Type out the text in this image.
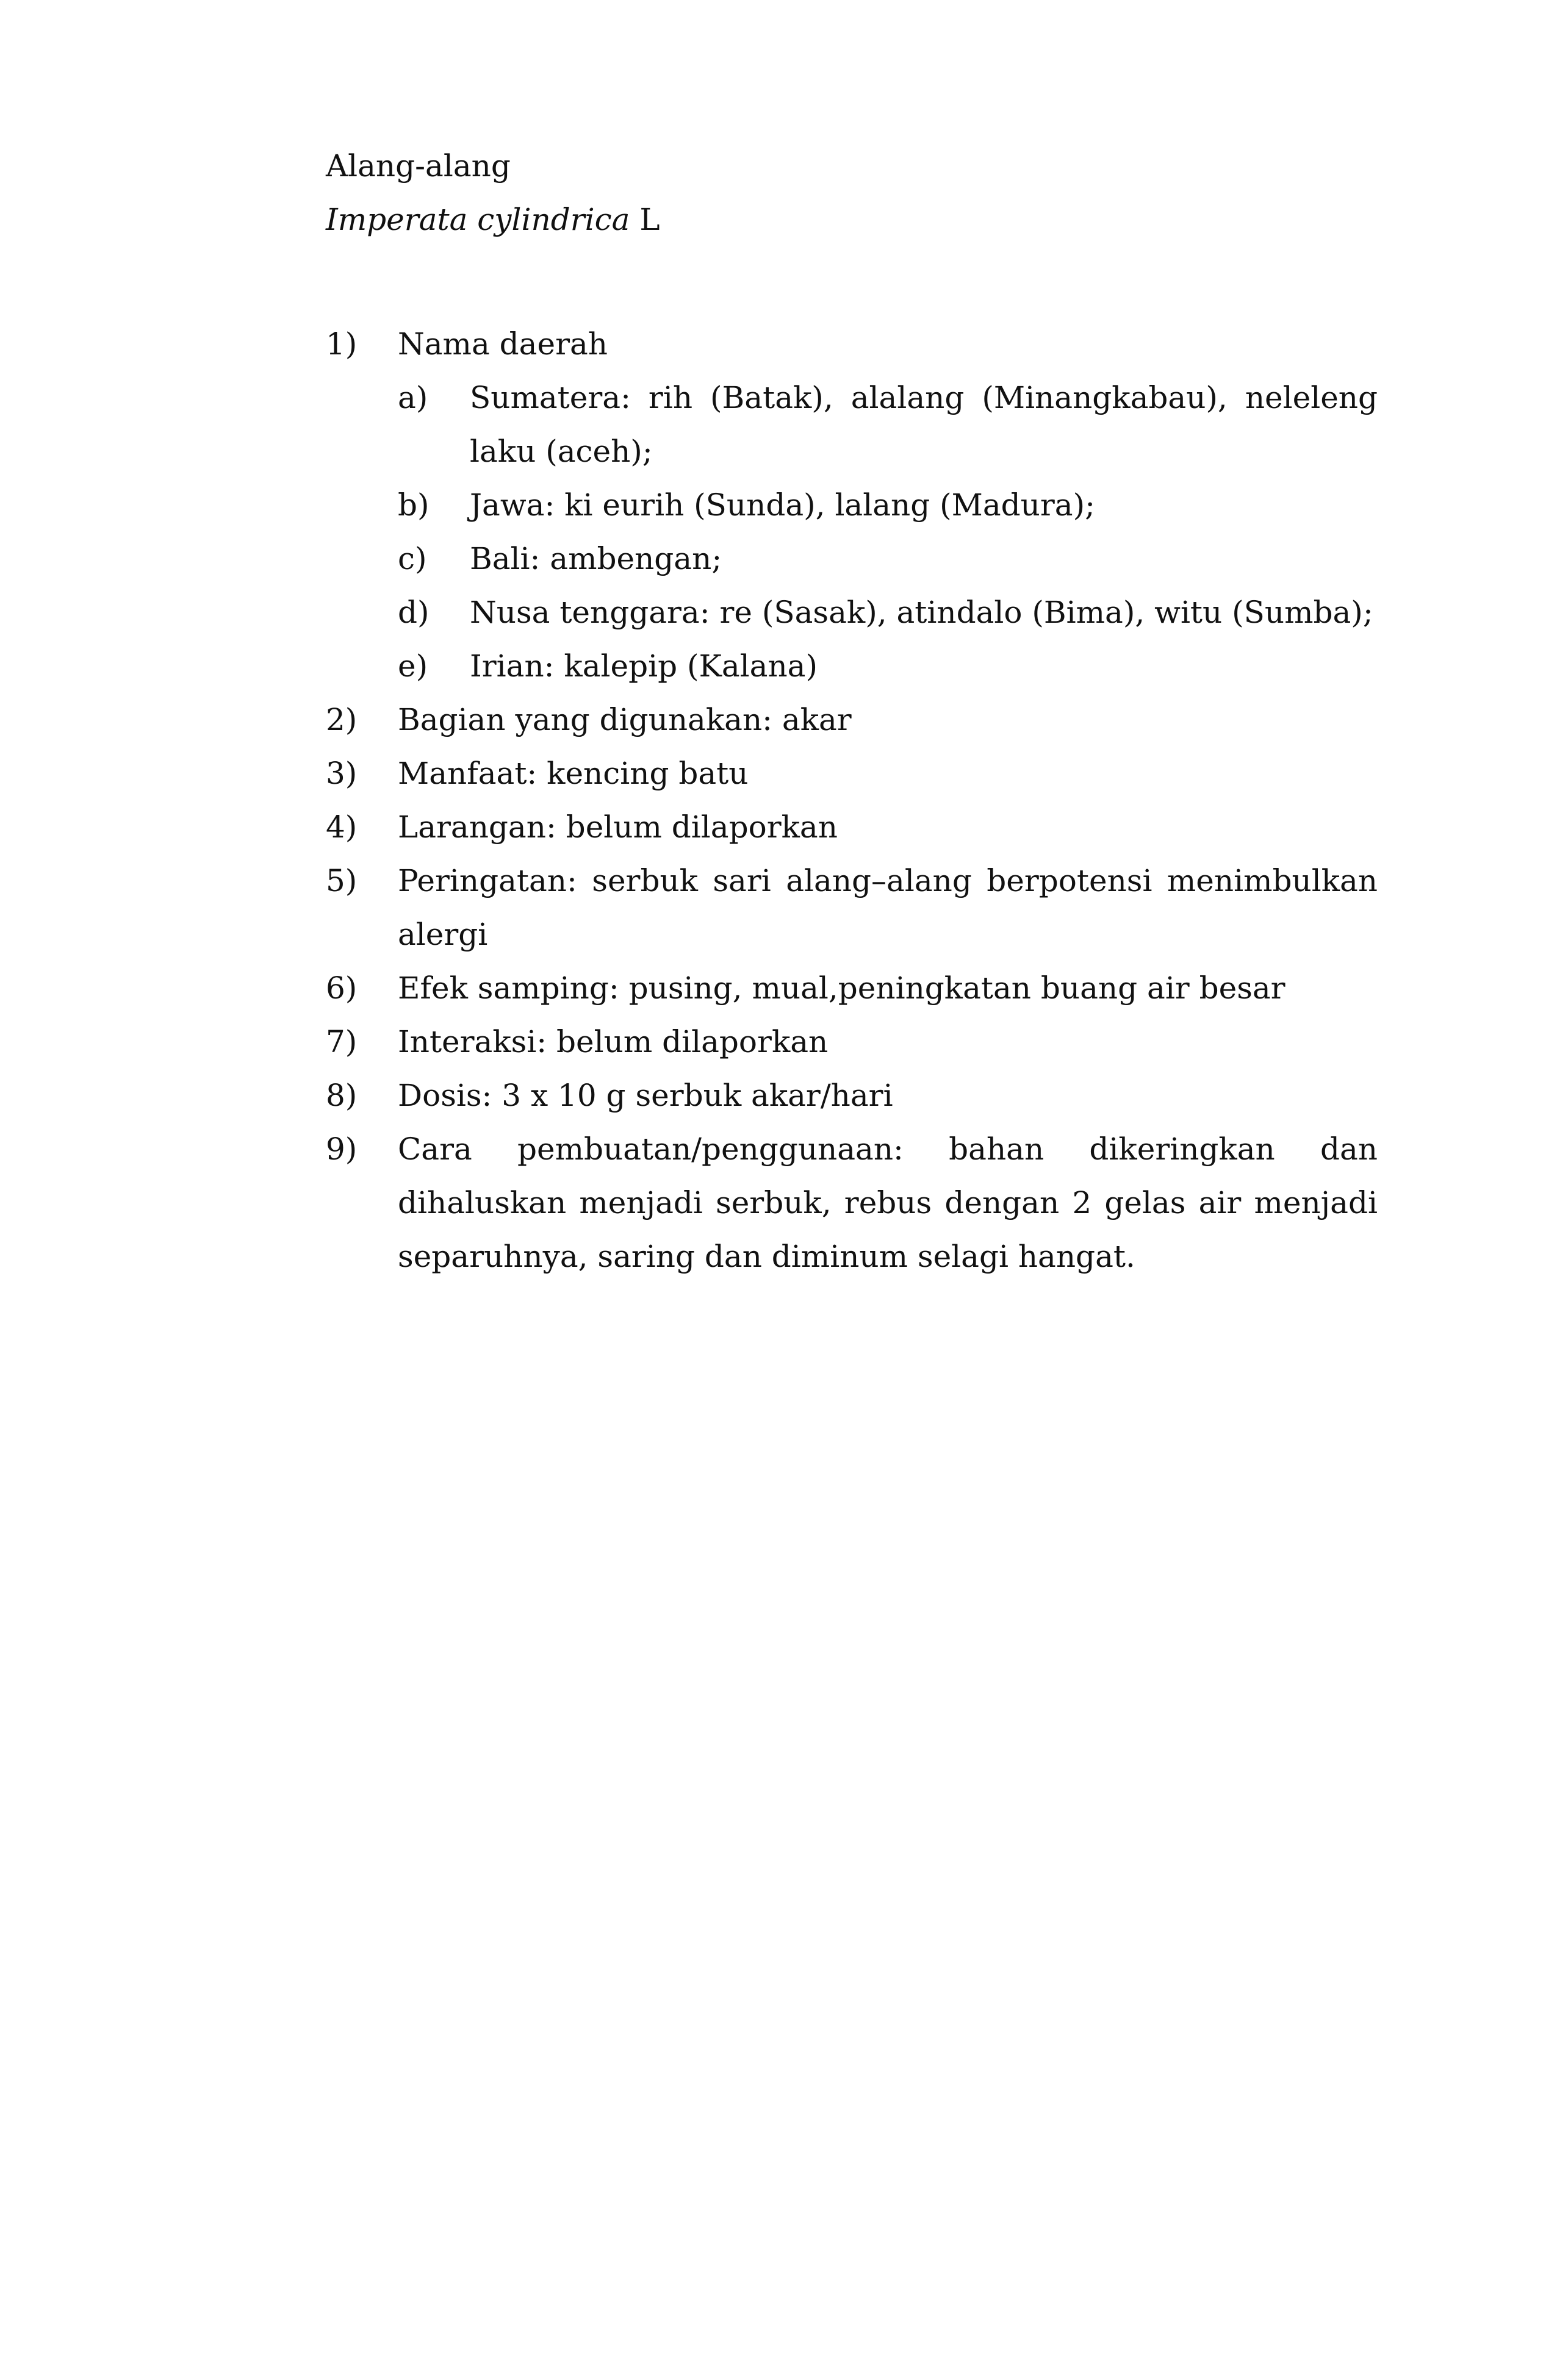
Alang-alang
Imperata cylindrica L
1)	Nama daerah
a)	Sumatera: rih (Batak), alalang (Minangkabau), neleleng laku (aceh);
b)	Jawa: ki eurih (Sunda), lalang (Madura);
c)	Bali: ambengan;
d)	Nusa tenggara: re (Sasak), atindalo (Bima), witu (Sumba);
e)	Irian: kalepip (Kalana)
2)	Bagian yang digunakan: akar
3)	Manfaat: kencing batu
4)	Larangan: belum dilaporkan
5)	Peringatan: serbuk sari alang–alang berpotensi menimbulkan alergi
6)	Efek samping: pusing, mual,peningkatan buang air besar
7)	Interaksi: belum dilaporkan
8)	Dosis: 3 x 10 g serbuk akar/hari
9)	Cara pembuatan/penggunaan: bahan dikeringkan dan dihaluskan menjadi serbuk, rebus dengan 2 gelas air menjadi separuhnya, saring dan diminum selagi hangat.
